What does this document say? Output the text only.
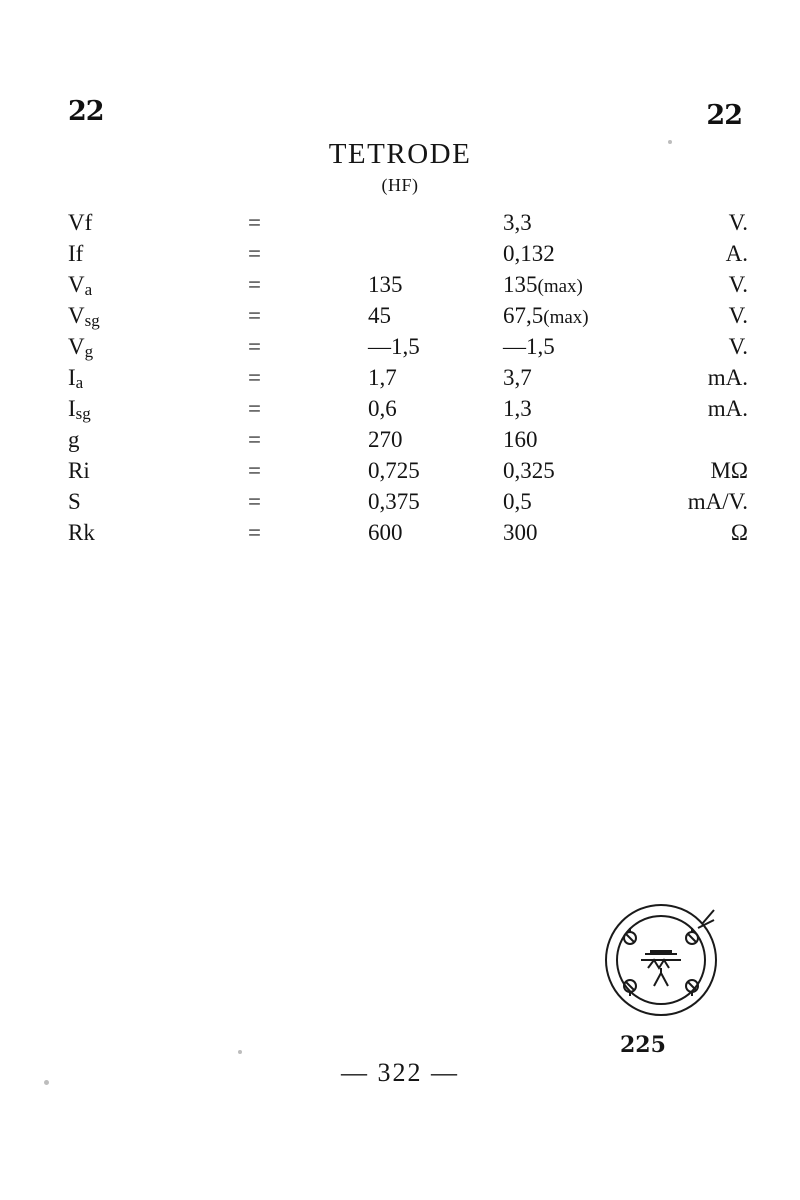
22	22
TETRODE
(HF)
Vf	=		3,3	V.
If	=		0,132	A.
Va	=	135	135(max)	V.
Vsg	=	45	67,5(max)	V.
Vg	=	—1,5	—1,5	V.
Ia	=	1,7	3,7	mA.
Isg	=	0,6	1,3	mA.
g	=	270	160	
Ri	=	0,725	0,325	MΩ
S	=	0,375	0,5	mA/V.
Rk	=	600	300	Ω
225
— 322 —
